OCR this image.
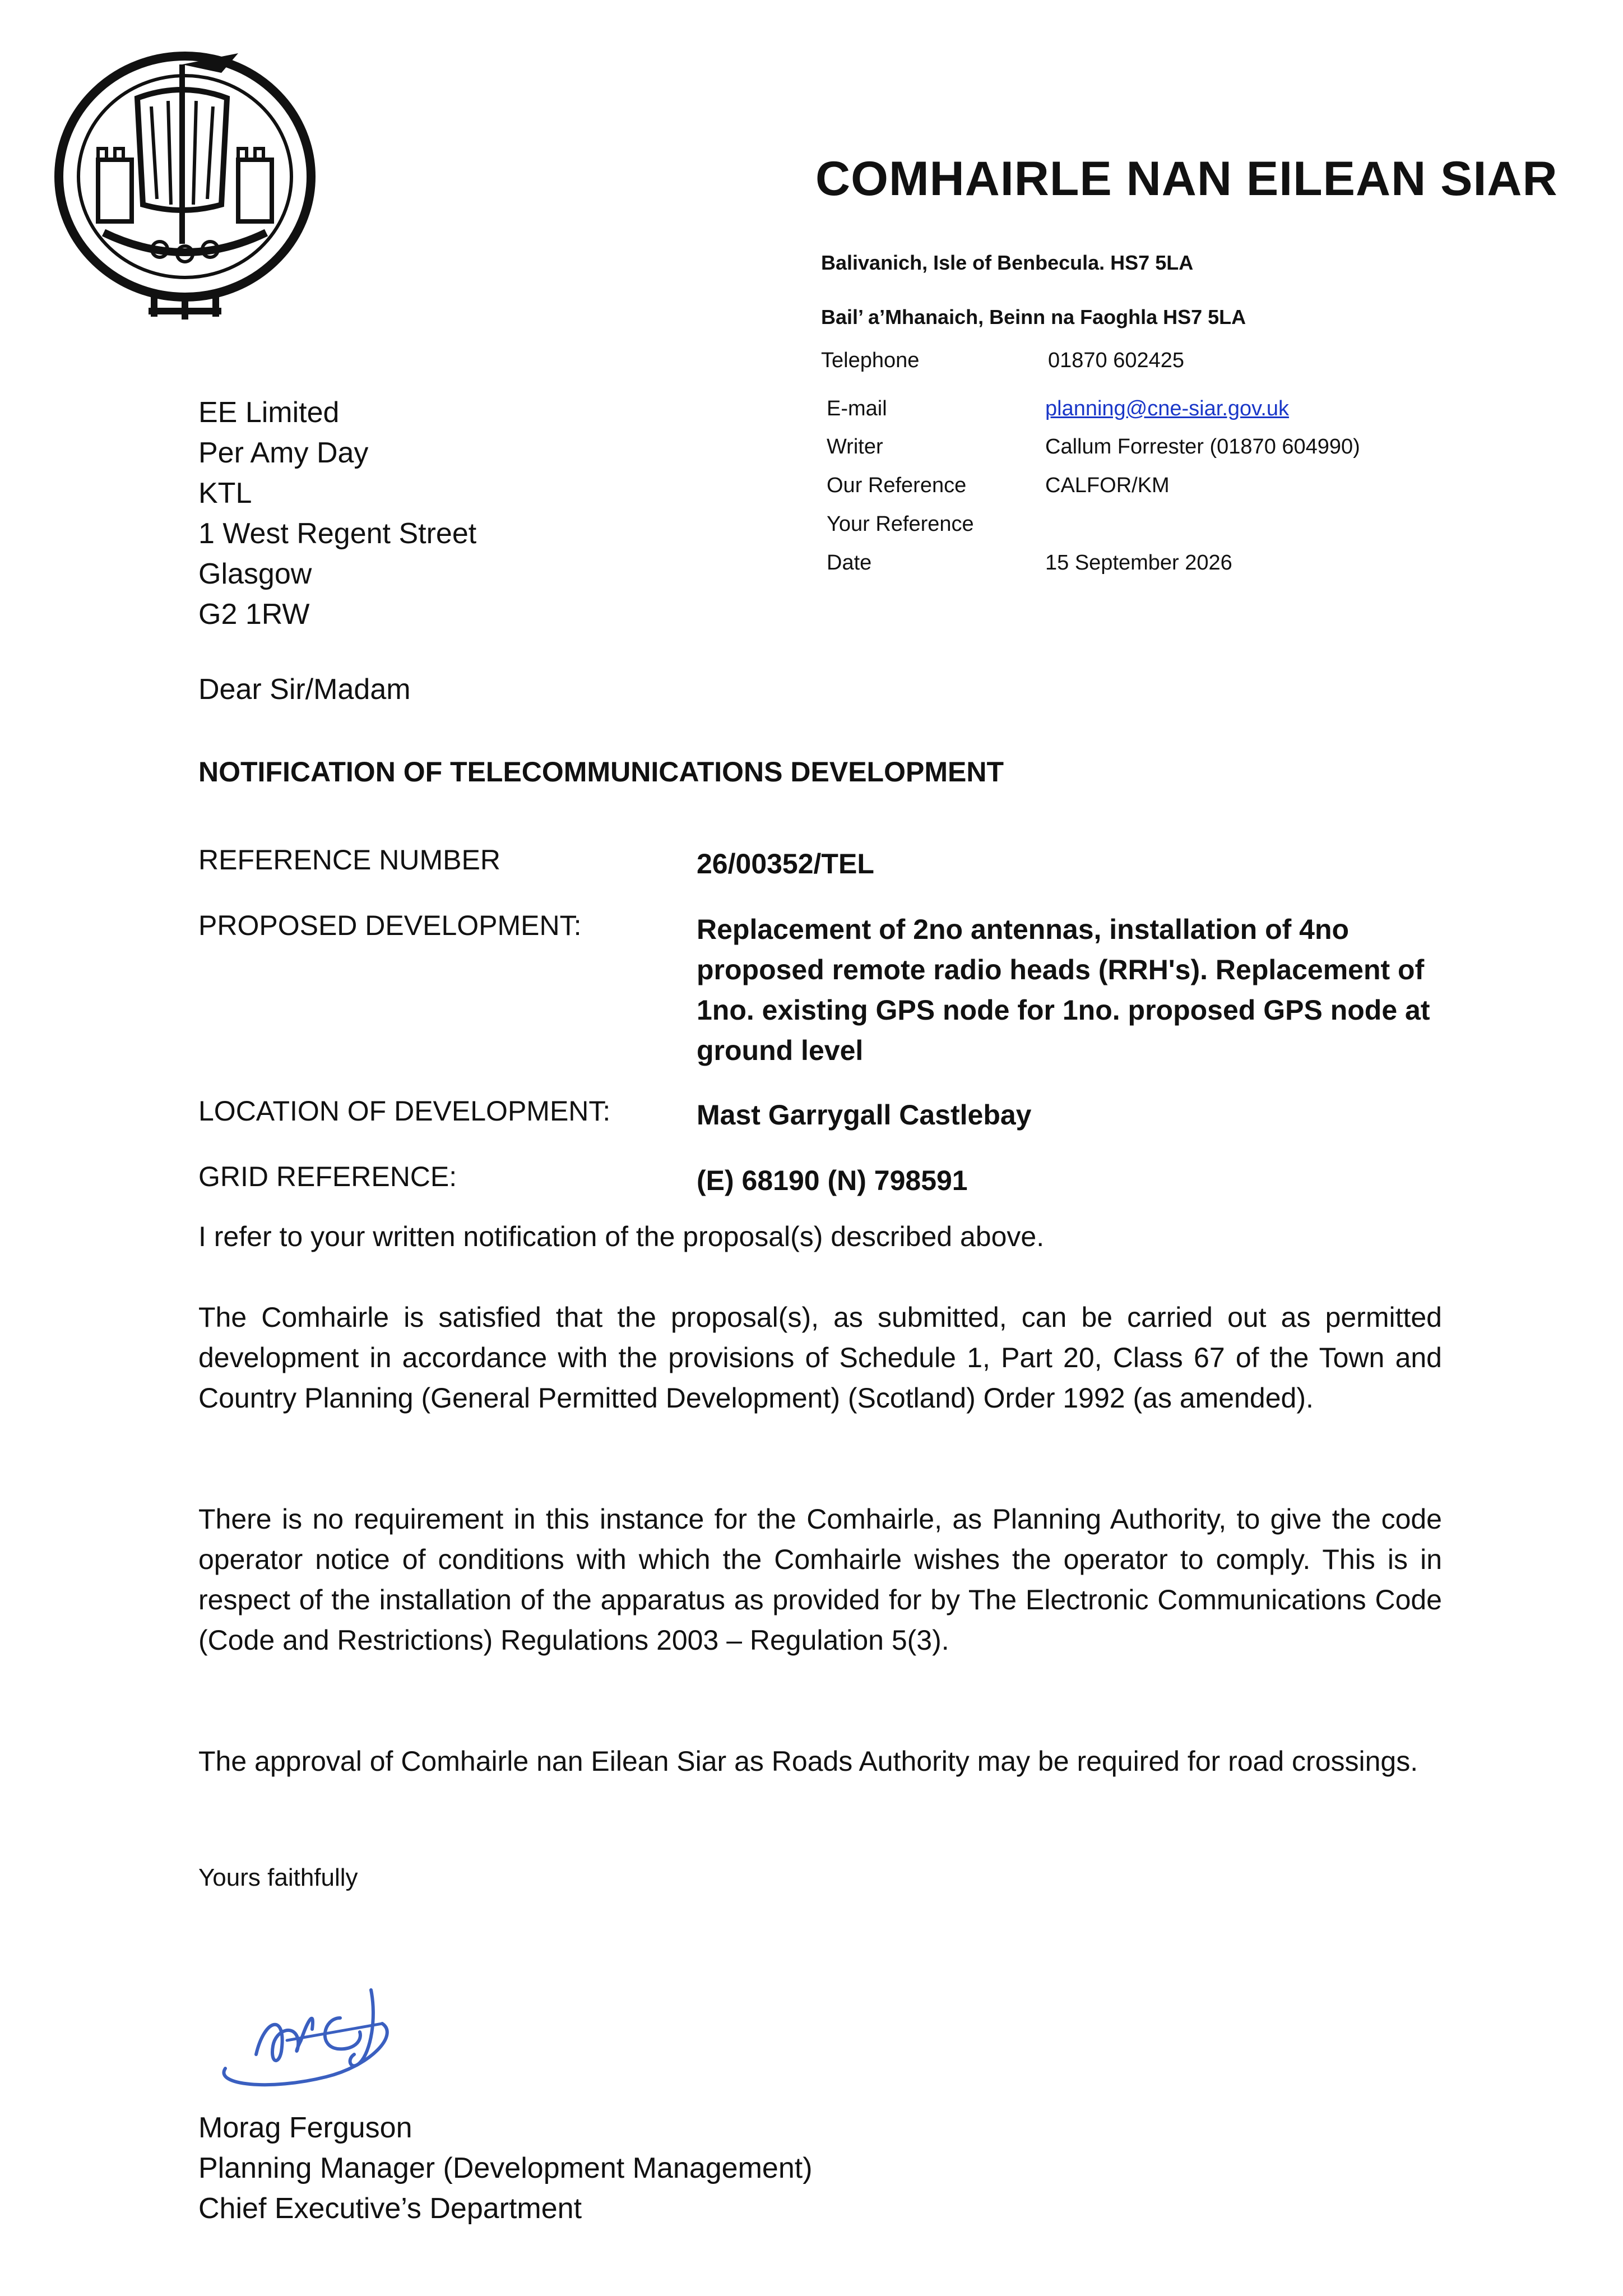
COMHAIRLE NAN EILEAN SIAR
Balivanich, Isle of Benbecula. HS7 5LA
Bail’ a’Mhanaich, Beinn na Faoghla HS7 5LA
Telephone	01870 602425
E-mail	planning@cne-siar.gov.uk
Writer	Callum Forrester (01870 604990)
Our Reference	CALFOR/KM
Your Reference
Date	15 September 2026
EE Limited
Per Amy Day
KTL
1 West Regent Street
Glasgow
G2 1RW
Dear Sir/Madam
NOTIFICATION OF TELECOMMUNICATIONS DEVELOPMENT
REFERENCE NUMBER	26/00352/TEL
PROPOSED DEVELOPMENT:	Replacement of 2no antennas, installation of 4no proposed remote radio heads (RRH's). Replacement of 1no. existing GPS node for 1no. proposed GPS node at ground level
LOCATION OF DEVELOPMENT:	Mast Garrygall Castlebay
GRID REFERENCE:	(E) 68190 (N) 798591
I refer to your written notification of the proposal(s) described above.
The Comhairle is satisfied that the proposal(s), as submitted, can be carried out as permitted development in accordance with the provisions of Schedule 1, Part 20, Class 67 of the Town and Country Planning (General Permitted Development) (Scotland) Order 1992 (as amended).
There is no requirement in this instance for the Comhairle, as Planning Authority, to give the code operator notice of conditions with which the Comhairle wishes the operator to comply. This is in respect of the installation of the apparatus as provided for by The Electronic Communications Code (Code and Restrictions) Regulations 2003 – Regulation 5(3).
The approval of Comhairle nan Eilean Siar as Roads Authority may be required for road crossings.
Yours faithfully
Morag Ferguson
Planning Manager (Development Management)
Chief Executive’s Department
